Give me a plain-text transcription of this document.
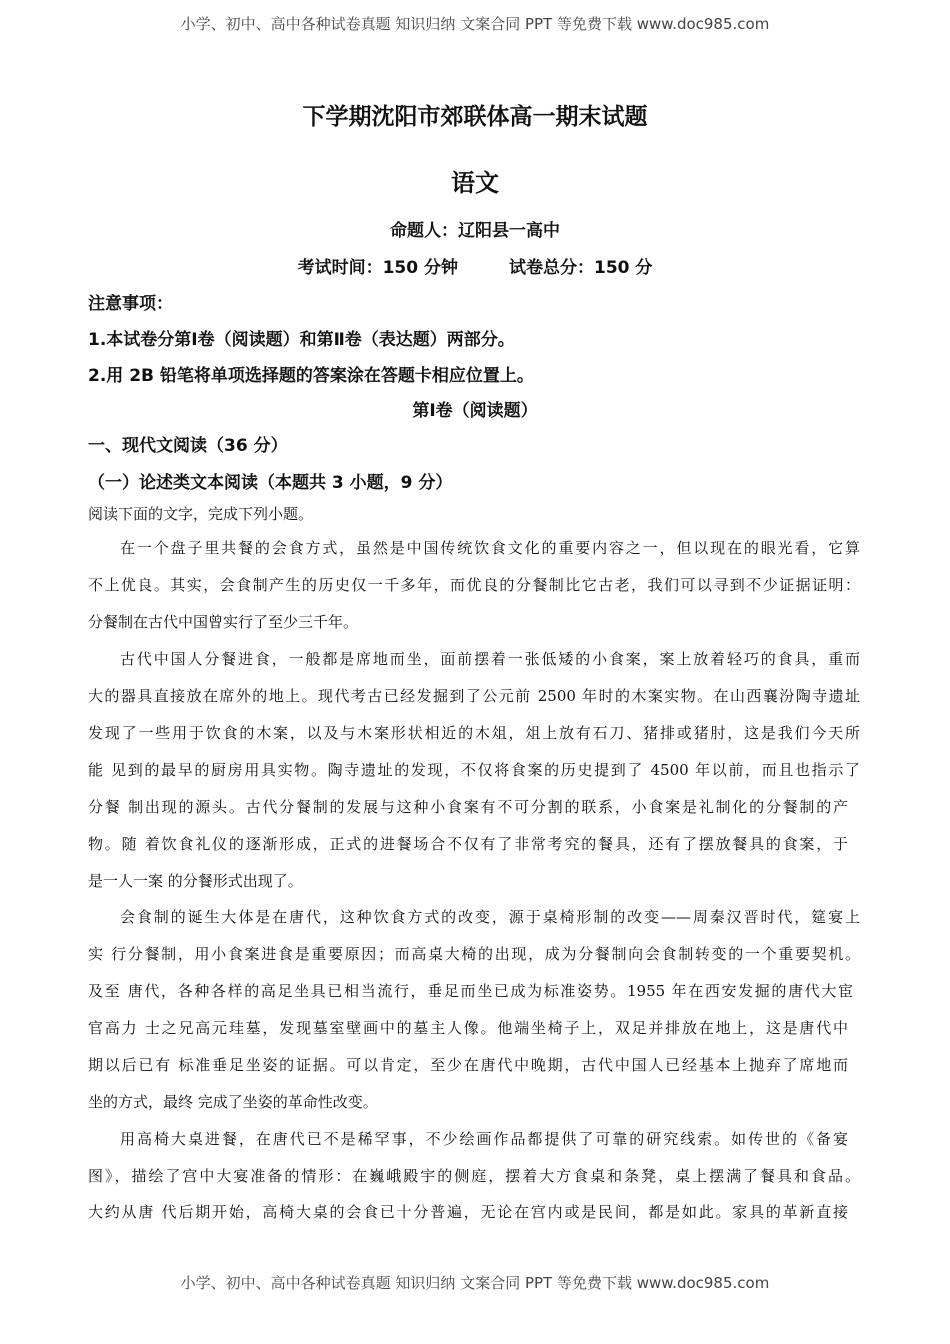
小学、初中、高中各种试卷真题 知识归纳 文案合同 PPT 等免费下载 www.doc985.com
下学期沈阳市郊联体高一期末试题
语文
命题人：辽阳县一高中
考试时间：150 分钟　　　试卷总分：150 分
注意事项：
1.本试卷分第Ⅰ卷（阅读题）和第Ⅱ卷（表达题）两部分。
2.用 2B 铅笔将单项选择题的答案涂在答题卡相应位置上。
第Ⅰ卷（阅读题）
一、现代文阅读（36 分）
（一）论述类文本阅读（本题共 3 小题，9 分）
阅读下面的文字，完成下列小题。
在一个盘子里共餐的会食方式，虽然是中国传统饮食文化的重要内容之一，但以现在的眼光看，它算
不上优良。其实，会食制产生的历史仅一千多年，而优良的分餐制比它古老，我们可以寻到不少证据证明：
分餐制在古代中国曾实行了至少三千年。
古代中国人分餐进食，一般都是席地而坐，面前摆着一张低矮的小食案，案上放着轻巧的食具，重而
大的器具直接放在席外的地上。现代考古已经发掘到了公元前 2500 年时的木案实物。在山西襄汾陶寺遗址
发现了一些用于饮食的木案，以及与木案形状相近的木俎，俎上放有石刀、猪排或猪肘，这是我们今天所
能 见到的最早的厨房用具实物。陶寺遗址的发现，不仅将食案的历史提到了 4500 年以前，而且也指示了
分餐 制出现的源头。古代分餐制的发展与这种小食案有不可分割的联系，小食案是礼制化的分餐制的产
物。随 着饮食礼仪的逐渐形成，正式的进餐场合不仅有了非常考究的餐具，还有了摆放餐具的食案，于
是一人一案 的分餐形式出现了。
会食制的诞生大体是在唐代，这种饮食方式的改变，源于桌椅形制的改变——周秦汉晋时代，筵宴上
实 行分餐制，用小食案进食是重要原因；而高桌大椅的出现，成为分餐制向会食制转变的一个重要契机。
及至 唐代，各种各样的高足坐具已相当流行，垂足而坐已成为标准姿势。1955 年在西安发掘的唐代大宦
官高力 士之兄高元珪墓，发现墓室壁画中的墓主人像。他端坐椅子上，双足并排放在地上，这是唐代中
期以后已有 标准垂足坐姿的证据。可以肯定，至少在唐代中晚期，古代中国人已经基本上抛弃了席地而
坐的方式，最终 完成了坐姿的革命性改变。
用高椅大桌进餐，在唐代已不是稀罕事，不少绘画作品都提供了可靠的研究线索。如传世的《备宴
图》，描绘了宫中大宴准备的情形：在巍峨殿宇的侧庭，摆着大方食桌和条凳，桌上摆满了餐具和食品。
大约从唐 代后期开始，高椅大桌的会食已十分普遍，无论在宫内或是民间，都是如此。家具的革新直接
小学、初中、高中各种试卷真题 知识归纳 文案合同 PPT 等免费下载 www.doc985.com
